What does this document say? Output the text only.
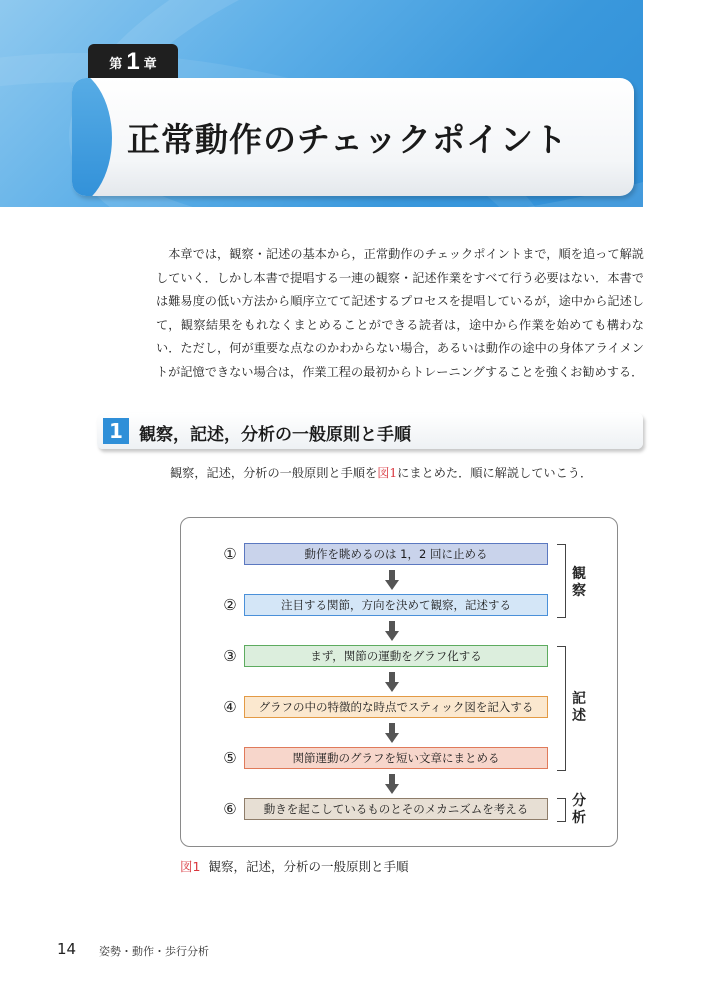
第 1 章
正常動作のチェックポイント

本章では，観察・記述の基本から，正常動作のチェックポイントまで，順を追って解説していく．しかし本書で提唱する一連の観察・記述作業をすべて行う必要はない．本書では難易度の低い方法から順序立てて記述するプロセスを提唱しているが，途中から記述して，観察結果をもれなくまとめることができる読者は，途中から作業を始めても構わない．ただし，何が重要な点なのかわからない場合，あるいは動作の途中の身体アライメントが記憶できない場合は，作業工程の最初からトレーニングすることを強くお勧めする．

1 観察，記述，分析の一般原則と手順
観察，記述，分析の一般原則と手順を図1にまとめた．順に解説していこう．
①	動作を眺めるのは 1，2 回に止める
②	注目する関節，方向を決めて観察，記述する
③	まず，関節の運動をグラフ化する
④	グラフの中の特徴的な時点でスティック図を記入する
⑤	関節運動のグラフを短い文章にまとめる
⑥	動きを起こしているものとそのメカニズムを考える
観察
記述
分析
図1 観察，記述，分析の一般原則と手順
14 姿勢・動作・歩行分析
